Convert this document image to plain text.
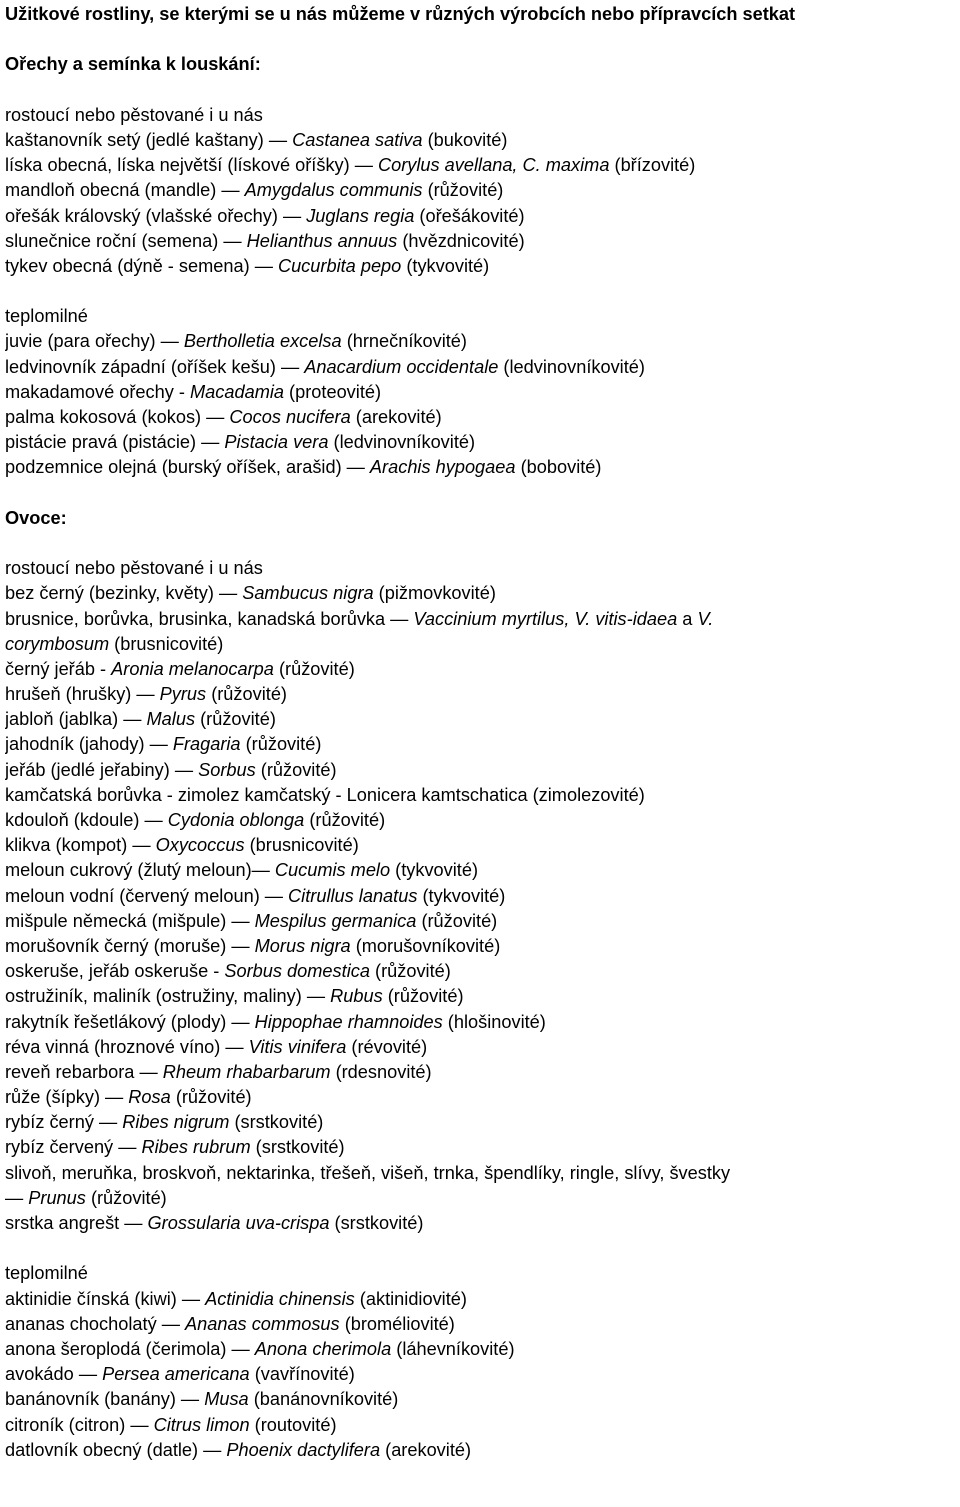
Užitkové rostliny, se kterými se u nás můžeme v různých výrobcích nebo přípravcích setkat
Ořechy a semínka k louskání:
rostoucí nebo pěstované i u nás
kaštanovník setý (jedlé kaštany) — Castanea sativa (bukovité)
líska obecná, líska největší (lískové oříšky) — Corylus avellana, C. maxima (břízovité)
mandloň obecná (mandle) — Amygdalus communis (růžovité)
ořešák královský (vlašské ořechy) — Juglans regia (ořešákovité)
slunečnice roční (semena) — Helianthus annuus (hvězdnicovité)
tykev obecná (dýně - semena) — Cucurbita pepo (tykvovité)
teplomilné
juvie (para ořechy) — Bertholletia excelsa (hrnečníkovité)
ledvinovník západní (oříšek kešu) — Anacardium occidentale (ledvinovníkovité)
makadamové ořechy - Macadamia (proteovité)
palma kokosová (kokos) — Cocos nucifera (arekovité)
pistácie pravá (pistácie) — Pistacia vera (ledvinovníkovité)
podzemnice olejná (burský oříšek, arašid) — Arachis hypogaea (bobovité)
Ovoce:
rostoucí nebo pěstované i u nás
bez černý (bezinky, květy) — Sambucus nigra (pižmovkovité)
brusnice, borůvka, brusinka, kanadská borůvka — Vaccinium myrtilus, V. vitis-idaea a V.
corymbosum (brusnicovité)
černý jeřáb - Aronia melanocarpa (růžovité)
hrušeň (hrušky) — Pyrus (růžovité)
jabloň (jablka) — Malus (růžovité)
jahodník (jahody) — Fragaria (růžovité)
jeřáb (jedlé jeřabiny) — Sorbus (růžovité)
kamčatská borůvka - zimolez kamčatský - Lonicera kamtschatica (zimolezovité)
kdouloň (kdoule) — Cydonia oblonga (růžovité)
klikva (kompot) — Oxycoccus (brusnicovité)
meloun cukrový (žlutý meloun)— Cucumis melo (tykvovité)
meloun vodní (červený meloun) — Citrullus lanatus (tykvovité)
mišpule německá (mišpule) — Mespilus germanica (růžovité)
morušovník černý (moruše) — Morus nigra (morušovníkovité)
oskeruše, jeřáb oskeruše - Sorbus domestica (růžovité)
ostružiník, maliník (ostružiny, maliny) — Rubus (růžovité)
rakytník řešetlákový (plody) — Hippophae rhamnoides (hlošinovité)
réva vinná (hroznové víno) — Vitis vinifera (révovité)
reveň rebarbora — Rheum rhabarbarum (rdesnovité)
růže (šípky) — Rosa (růžovité)
rybíz černý — Ribes nigrum (srstkovité)
rybíz červený — Ribes rubrum (srstkovité)
slivoň, meruňka, broskvoň, nektarinka, třešeň, višeň, trnka, špendlíky, ringle, slívy, švestky
— Prunus (růžovité)
srstka angrešt — Grossularia uva-crispa (srstkovité)
teplomilné
aktinidie čínská (kiwi) — Actinidia chinensis (aktinidiovité)
ananas chocholatý — Ananas commosus (broméliovité)
anona šeroplodá (čerimola) — Anona cherimola (láhevníkovité)
avokádo — Persea americana (vavřínovité)
banánovník (banány) — Musa (banánovníkovité)
citroník (citron) — Citrus limon (routovité)
datlovník obecný (datle) — Phoenix dactylifera (arekovité)
